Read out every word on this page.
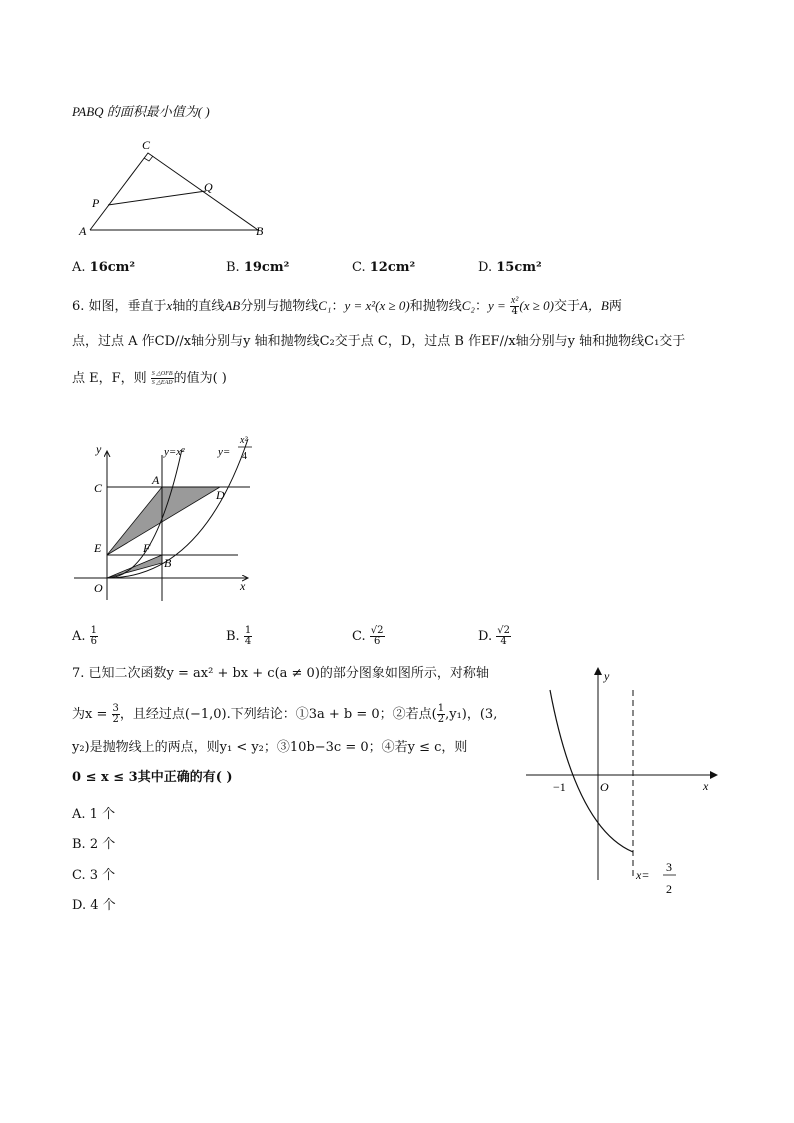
PABQ 的面积最小值为( )
C
Q
P
A	B
A. 16cm²	B. 19cm²	C. 12cm²	D. 15cm²
6. 如图，垂直于x轴的直线AB分别与抛物线C₁：y = x²(x ≥ 0)和抛物线C₂：$y = \frac{\text{x²}}{4} (x \ge 0)$交于A，B两
点，过点 A 作CD//x轴分别与y 轴和抛物线C₂交于点 C，D，过点 B 作EF//x轴分别与y 轴和抛物线C₁交于
点 E，F，则 $\frac{\text{S △OFB}}{\text{S △EAD}}$ 的值为( )
y
x
O
C
A
D
E	F
B
y=x²	y=
x²
4
A. $\frac{1}{6}$	B. $\frac{1}{4}$	C. $\frac{√2}{6}$	D. $\frac{√2}{4}$
7. 已知二次函数y = ax² + bx + c(a ≠ 0)的部分图象如图所示，对称轴
为$x = \frac{3}{2}$ ，且经过点(−1,0).下列结论：①3a + b = 0；②若点( $\frac{1}{2} ,y_1$)，(3,
y₂)是抛物线上的两点，则y₁ < y₂；③10b−3c = 0；④若y ≤ c，则
0 ≤ x ≤ 3其中正确的有( )
A. 1 个
B. 2 个
C. 3 个
D. 4 个
y
x
O
−1
x=
3
2
